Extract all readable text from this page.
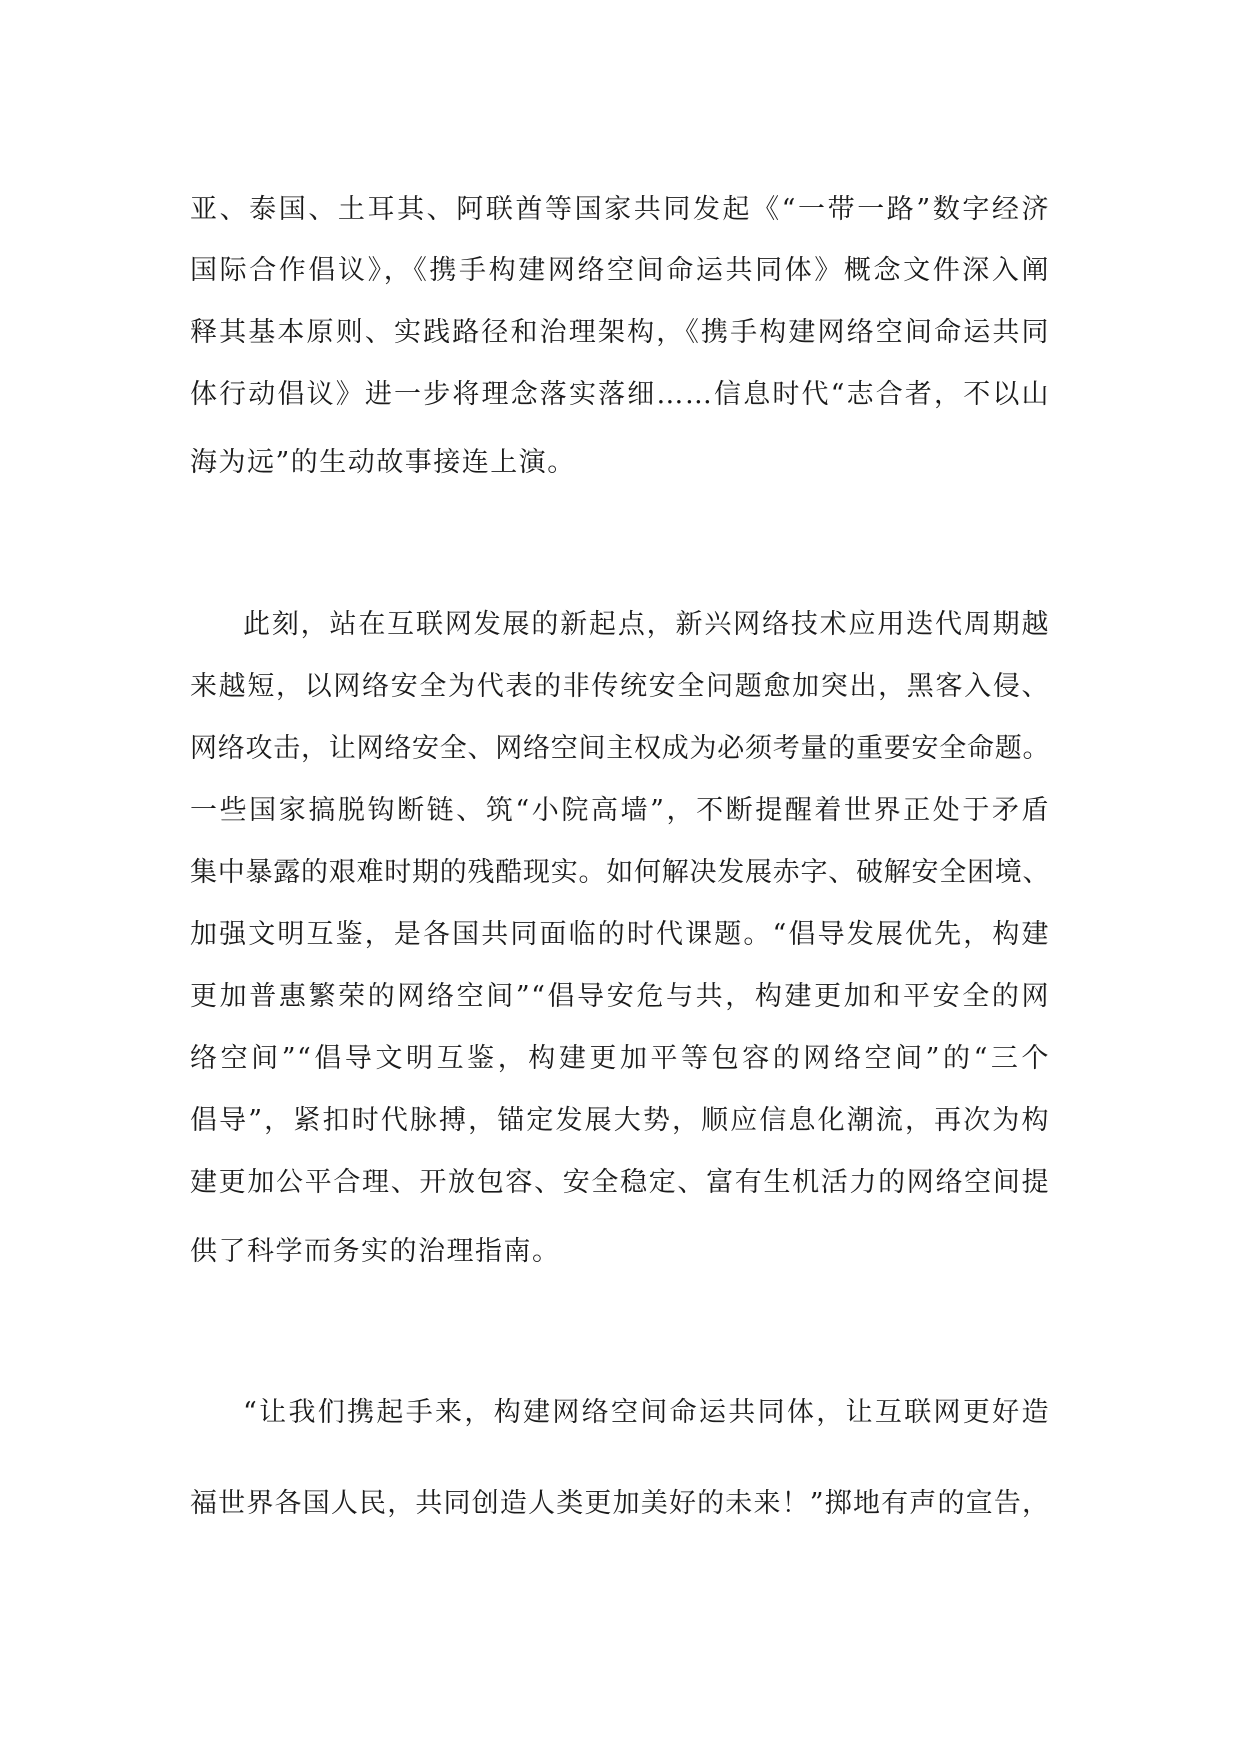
亚、泰国、土耳其、阿联酋等国家共同发起《“一带一路”数字经济
国际合作倡议》，《携手构建网络空间命运共同体》概念文件深入阐
释其基本原则、实践路径和治理架构，《携手构建网络空间命运共同
体行动倡议》进一步将理念落实落细……信息时代“志合者，不以山
海为远”的生动故事接连上演。
此刻，站在互联网发展的新起点，新兴网络技术应用迭代周期越
来越短，以网络安全为代表的非传统安全问题愈加突出，黑客入侵、
网络攻击，让网络安全、网络空间主权成为必须考量的重要安全命题。
一些国家搞脱钩断链、筑“小院高墙”，不断提醒着世界正处于矛盾
集中暴露的艰难时期的残酷现实。如何解决发展赤字、破解安全困境、
加强文明互鉴，是各国共同面临的时代课题。“倡导发展优先，构建
更加普惠繁荣的网络空间”“倡导安危与共，构建更加和平安全的网
络空间”“倡导文明互鉴，构建更加平等包容的网络空间”的“三个
倡导”，紧扣时代脉搏，锚定发展大势，顺应信息化潮流，再次为构
建更加公平合理、开放包容、安全稳定、富有生机活力的网络空间提
供了科学而务实的治理指南。
“让我们携起手来，构建网络空间命运共同体，让互联网更好造
福世界各国人民，共同创造人类更加美好的未来！”掷地有声的宣告，
